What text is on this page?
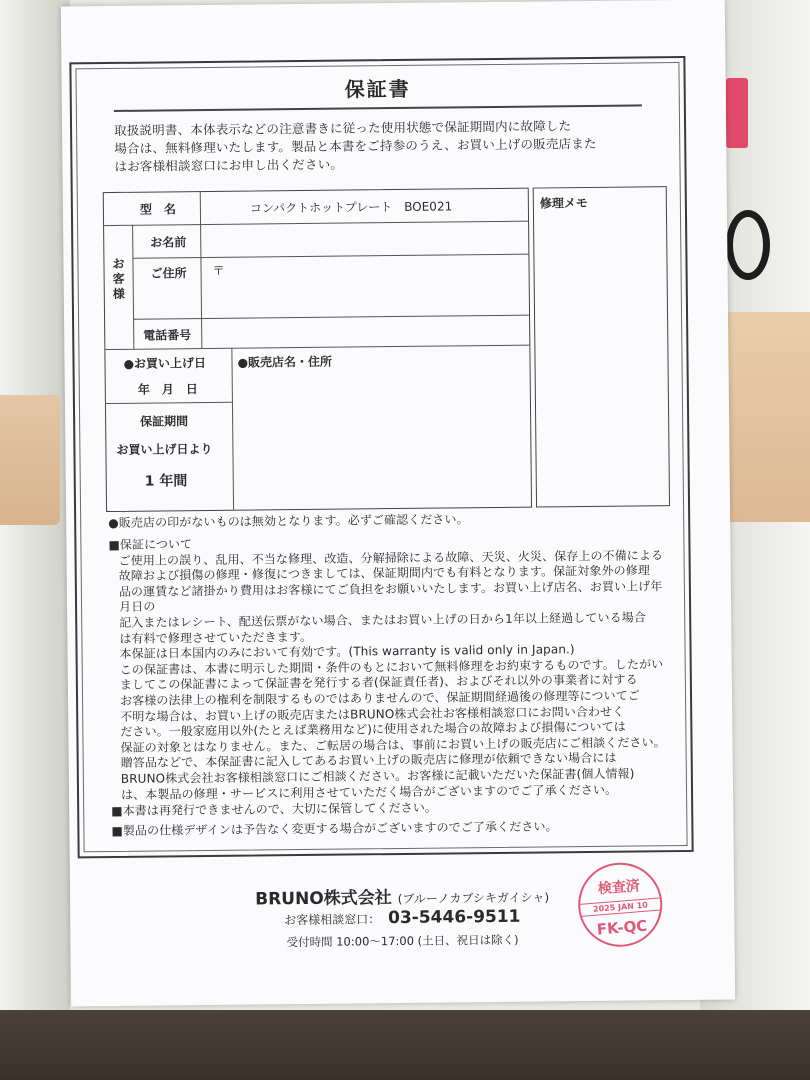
保証書
取扱説明書、本体表示などの注意書きに従った使用状態で保証期間内に故障した
場合は、無料修理いたします。製品と本書をご持参のうえ、お買い上げの販売店また
はお客様相談窓口にお申し出ください。
型　名	コンパクトホットプレート　BOE021
お
客
様
お名前
ご住所 〒
電話番号
●お買い上げ日
年　月　日
保証期間
お買い上げ日より
1 年間
●販売店名・住所
修理メモ
●販売店の印がないものは無効となります。必ずご確認ください。

■保証について

ご使用上の誤り、乱用、不当な修理、改造、分解掃除による故障、天災、火災、保存上の不備による

故障および損傷の修理・修復につきましては、保証期間内でも有料となります。保証対象外の修理

品の運賃など諸掛かり費用はお客様にてご負担をお願いいたします。お買い上げ店名、お買い上げ年月日の

記入またはレシート、配送伝票がない場合、またはお買い上げの日から1年以上経過している場合

は有料で修理させていただきます。

本保証は日本国内のみにおいて有効です。(This warranty is valid only in Japan.)

この保証書は、本書に明示した期間・条件のもとにおいて無料修理をお約束するものです。したがい

ましてこの保証書によって保証書を発行する者(保証責任者)、およびそれ以外の事業者に対する

お客様の法律上の権利を制限するものではありませんので、保証期間経過後の修理等についてご

不明な場合は、お買い上げの販売店またはBRUNO株式会社お客様相談窓口にお問い合わせく

ださい。一般家庭用以外(たとえば業務用など)に使用された場合の故障および損傷については

保証の対象とはなりません。また、ご転居の場合は、事前にお買い上げの販売店にご相談ください。

贈答品などで、本保証書に記入してあるお買い上げの販売店に修理が依頼できない場合には

BRUNO株式会社お客様相談窓口にご相談ください。お客様に記載いただいた保証書(個人情報)

は、本製品の修理・サービスに利用させていただく場合がございますのでご了承ください。

■本書は再発行できませんので、大切に保管してください。
■製品の仕様デザインは予告なく変更する場合がございますのでご了承ください。
BRUNO株式会社 (ブルーノカブシキガイシャ)
お客様相談窓口： 03-5446-9511
受付時間 10:00～17:00 (土日、祝日は除く)
検査済
2025 JAN 10
FK-QC
